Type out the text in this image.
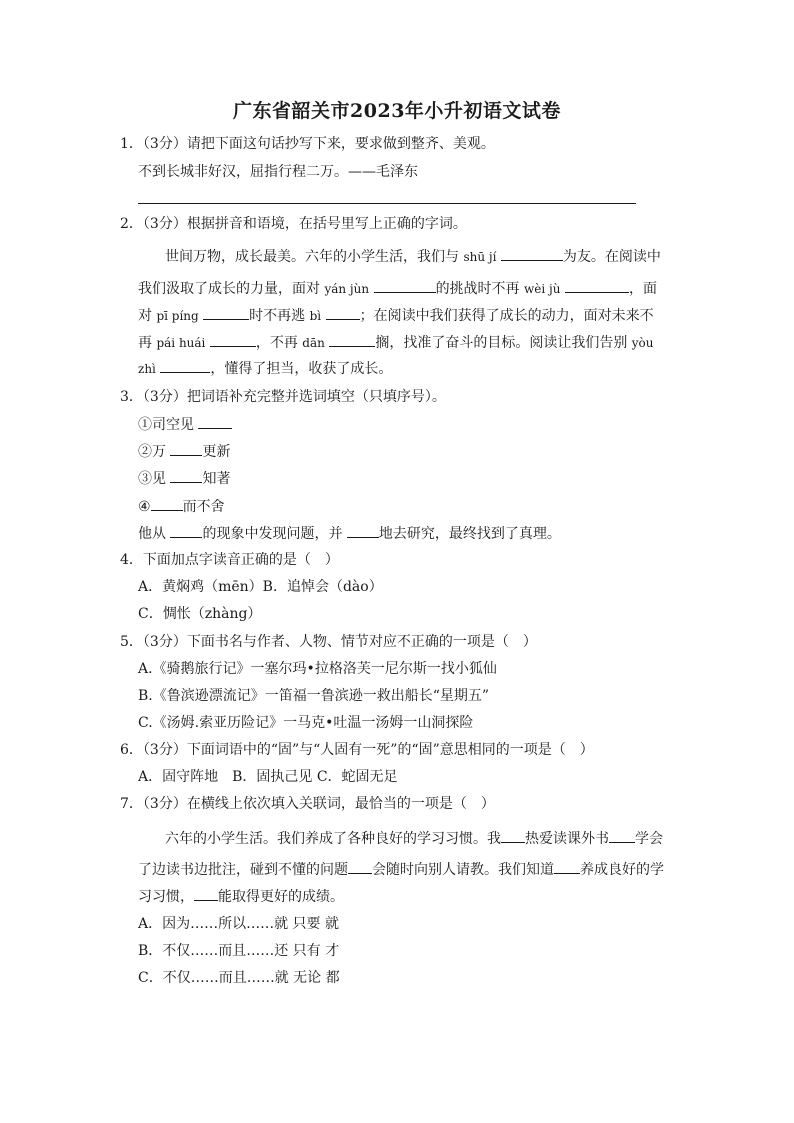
广东省韶关市2023年小升初语文试卷
1．（3分）请把下面这句话抄写下来，要求做到整齐、美观。
不到长城非好汉，屈指行程二万。——毛泽东
2．（3分）根据拼音和语境，在括号里写上正确的字词。
世间万物，成长最美。六年的小学生活，我们与 shū jí	为友。在阅读中
我们汲取了成长的力量，面对 yán jùn	的挑战时不再 wèi jù	，面
对 pī píng	时不再逃 bì	；在阅读中我们获得了成长的动力，面对未来不
再 pái huái	，不再 dān	搁，找准了奋斗的目标。阅读让我们告别 yòu
zhì	，懂得了担当，收获了成长。
3．（3分）把词语补充完整并选词填空（只填序号）。
①司空见
②万	更新
③见	知著
④ 而不舍
他从	的现象中发现问题，并	地去研究，最终找到了真理。
4．下面加点字读音正确的是（　）
A．黄焖鸡（mēn）B．追悼会（dào）
C．惆怅（zhàng）
5．（3分）下面书名与作者、人物、情节对应不正确的一项是（　）
A.《骑鹅旅行记》一塞尔玛•拉格洛芙一尼尔斯一找小狐仙
B.《鲁滨逊漂流记》一笛福一鲁滨逊一救出船长“星期五”
C.《汤姆.索亚历险记》一马克•吐温一汤姆一山洞探险
6．（3分）下面词语中的“固”与“人固有一死”的“固”意思相同的一项是（　）
A．固守阵地　B．固执己见 C．蛇固无足
7．（3分）在横线上依次填入关联词，最恰当的一项是（　）
六年的小学生活。我们养成了各种良好的学习习惯。我 热爱读课外书 学会
了边读书边批注，碰到不懂的问题 会随时向别人请教。我们知道 养成良好的学
习习惯， 能取得更好的成绩。
A．因为……所以……就 只要 就
B．不仅……而且……还 只有 才
C．不仅……而且……就 无论 都
